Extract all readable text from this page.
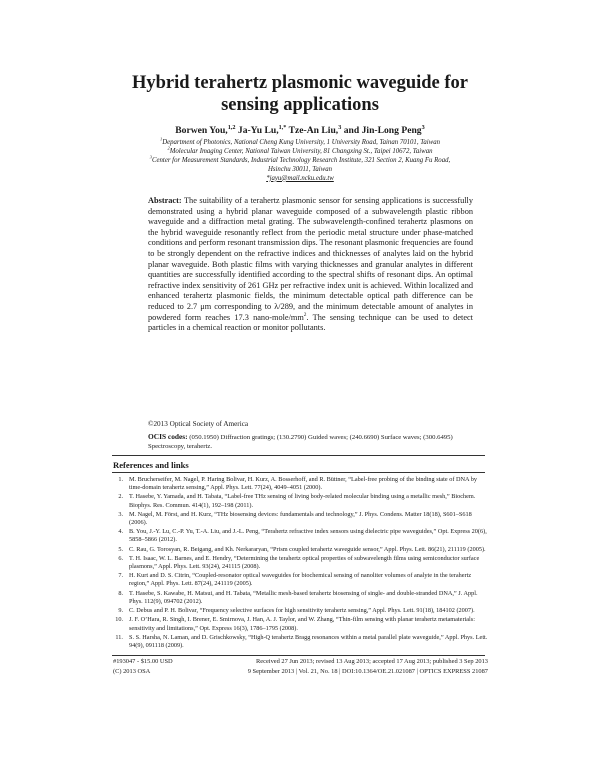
Hybrid terahertz plasmonic waveguide for
sensing applications
Borwen You,$^{1,2}$ Ja-Yu Lu,$^{1,*}$ Tze-An Liu,$^3$ and Jin-Long Peng$^3$
$^1$Department of Photonics, National Cheng Kung University, 1 University Road, Tainan 70101, Taiwan
$^2$Molecular Imaging Center, National Taiwan University, 81 Changxing St., Taipei 10672, Taiwan
$^3$Center for Measurement Standards, Industrial Technology Research Institute, 321 Section 2, Kuang Fu Road,
Hsinchu 30011, Taiwan
*jayu@mail.ncku.edu.tw

Abstract: The suitability of a terahertz plasmonic sensor for sensing applications is successfully demonstrated using a hybrid planar waveguide composed of a subwavelength plastic ribbon waveguide and a diffraction metal grating. The subwavelength-confined terahertz plasmons on the hybrid waveguide resonantly reflect from the periodic metal structure under phase-matched conditions and perform resonant transmission dips. The resonant plasmonic frequencies are found to be strongly dependent on the refractive indices and thicknesses of analytes laid on the hybrid planar waveguide. Both plastic films with varying thicknesses and granular analytes in different quantities are successfully identified according to the spectral shifts of resonant dips. An optimal refractive index sensitivity of 261 GHz per refractive index unit is achieved. Within localized and enhanced terahertz plasmonic fields, the minimum detectable optical path difference can be reduced to 2.7 μm corresponding to λ/289, and the minimum detectable amount of analytes in powdered form reaches 17.3 nano-$mole/mm^2$. The sensing technique can be used to detect particles in a chemical reaction or monitor pollutants.

©2013 Optical Society of America
OCIS codes: (050.1950) Diffraction gratings; (130.2790) Guided waves; (240.6690) Surface waves; (300.6495) Spectroscopy, terahertz.
References and links
1. M. Brucherseifer, M. Nagel, P. Haring Bolivar, H. Kurz, A. Bosserhoff, and R. Büttner, “Label-free probing of the binding state of DNA by time-domain terahertz sensing,” Appl. Phys. Lett. 77(24), 4049–4051 (2000).
2. T. Hasebe, Y. Yamada, and H. Tabata, “Label-free THz sensing of living body-related molecular binding using a metallic mesh,” Biochem. Biophys. Res. Commun. 414(1), 192–198 (2011).
3. M. Nagel, M. Först, and H. Kurz, “THz biosensing devices: fundamentals and technology,” J. Phys. Condens. Matter 18(18), S601–S618 (2006).
4. B. You, J.-Y. Lu, C.-P. Yu, T.-A. Liu, and J.-L. Peng, “Terahertz refractive index sensors using dielectric pipe waveguides,” Opt. Express 20(6), 5858–5866 (2012).
5. C. Rau, G. Torosyan, R. Beigang, and Kh. Nerkararyan, “Prism coupled terahertz waveguide sensor,” Appl. Phys. Lett. 86(21), 211119 (2005).
6. T. H. Isaac, W. L. Barnes, and E. Hendry, “Determining the terahertz optical properties of subwavelength films using semiconductor surface plasmons,” Appl. Phys. Lett. 93(24), 241115 (2008).
7. H. Kurt and D. S. Citrin, “Coupled-resonator optical waveguides for biochemical sensing of nanoliter volumes of analyte in the terahertz region,” Appl. Phys. Lett. 87(24), 241119 (2005).
8. T. Hasebe, S. Kawabe, H. Matsui, and H. Tabata, “Metallic mesh-based terahertz biosensing of single- and double-stranded DNA,” J. Appl. Phys. 112(9), 094702 (2012).
9. C. Debus and P. H. Bolivar, “Frequency selective surfaces for high sensitivity terahertz sensing,” Appl. Phys. Lett. 91(18), 184102 (2007).
10. J. F. O’Hara, R. Singh, I. Brener, E. Smirnova, J. Han, A. J. Taylor, and W. Zhang, “Thin-film sensing with planar terahertz metamaterials: sensitivity and limitations,” Opt. Express 16(3), 1786–1795 (2008).
11. S. S. Harsha, N. Laman, and D. Grischkowsky, “High-Q terahertz Bragg resonances within a metal parallel plate waveguide,” Appl. Phys. Lett. 94(9), 091118 (2009).
#193047 - $15.00 USD	Received 27 Jun 2013; revised 13 Aug 2013; accepted 17 Aug 2013; published 3 Sep 2013
(C) 2013 OSA	9 September 2013 | Vol. 21, No. 18 | DOI:10.1364/OE.21.021087 | OPTICS EXPRESS 21087
